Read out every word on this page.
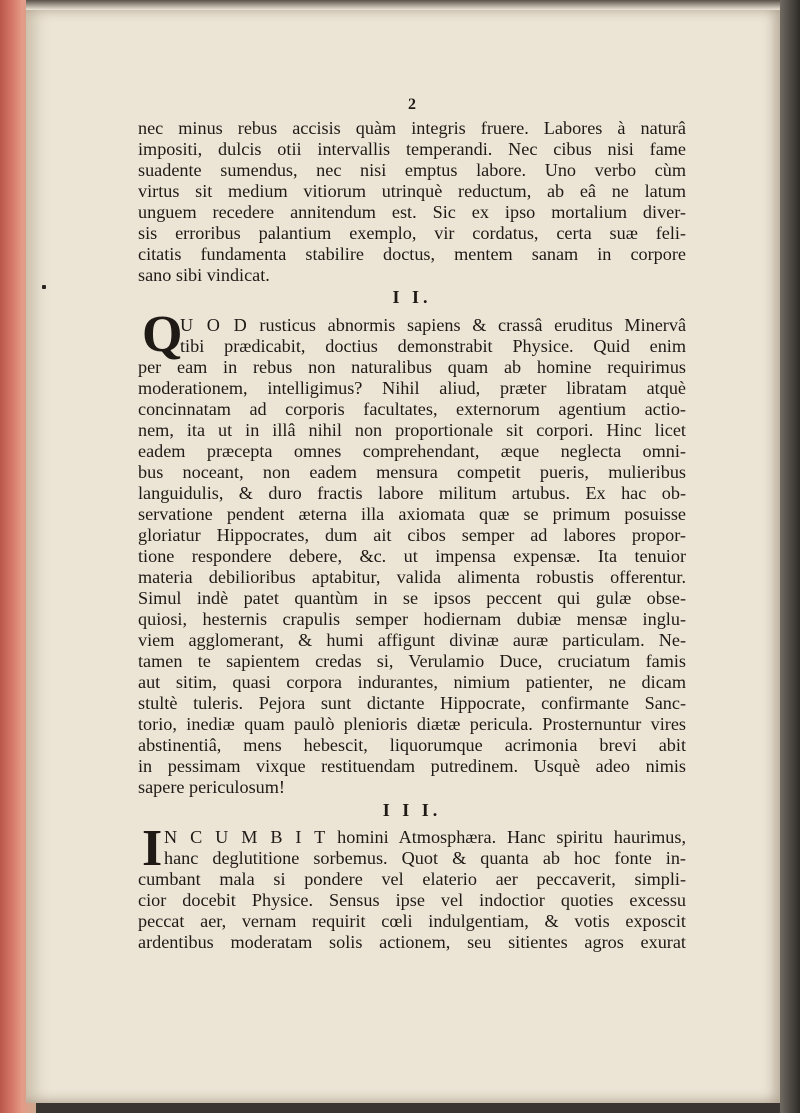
2
nec minus rebus accisis quàm integris fruere. Labores à naturâ
impositi, dulcis otii intervallis temperandi. Nec cibus nisi fame
suadente sumendus, nec nisi emptus labore. Uno verbo cùm
virtus sit medium vitiorum utrinquè reductum, ab eâ ne latum
unguem recedere annitendum est. Sic ex ipso mortalium diver-
sis erroribus palantium exemplo, vir cordatus, certa suæ feli-
citatis fundamenta stabilire doctus, mentem sanam in corpore
sano sibi vindicat.
I I.
Q
U O D rusticus abnormis sapiens & crassâ eruditus Minervâ
tibi prædicabit, doctius demonstrabit Physice. Quid enim
per eam in rebus non naturalibus quam ab homine requirimus
moderationem, intelligimus? Nihil aliud, præter libratam atquè
concinnatam ad corporis facultates, externorum agentium actio-
nem, ita ut in illâ nihil non proportionale sit corpori. Hinc licet
eadem præcepta omnes comprehendant, æque neglecta omni-
bus noceant, non eadem mensura competit pueris, mulieribus
languidulis, & duro fractis labore militum artubus. Ex hac ob-
servatione pendent æterna illa axiomata quæ se primum posuisse
gloriatur Hippocrates, dum ait cibos semper ad labores propor-
tione respondere debere, &c. ut impensa expensæ. Ita tenuior
materia debilioribus aptabitur, valida alimenta robustis offerentur.
Simul indè patet quantùm in se ipsos peccent qui gulæ obse-
quiosi, hesternis crapulis semper hodiernam dubiæ mensæ inglu-
viem agglomerant, & humi affigunt divinæ auræ particulam. Ne-
tamen te sapientem credas si, Verulamio Duce, cruciatum famis
aut sitim, quasi corpora indurantes, nimium patienter, ne dicam
stultè tuleris. Pejora sunt dictante Hippocrate, confirmante Sanc-
torio, inediæ quam paulò plenioris diætæ pericula. Prosternuntur vires
abstinentiâ, mens hebescit, liquorumque acrimonia brevi abit
in pessimam vixque restituendam putredinem. Usquè adeo nimis
sapere periculosum!
I I I.
I N C U M B I T homini Atmosphæra. Hanc spiritu haurimus,
hanc deglutitione sorbemus. Quot & quanta ab hoc fonte in-
cumbant mala si pondere vel elaterio aer peccaverit, simpli-
cior docebit Physice. Sensus ipse vel indoctior quoties excessu
peccat aer, vernam requirit cœli indulgentiam, & votis exposcit
ardentibus moderatam solis actionem, seu sitientes agros exurat
